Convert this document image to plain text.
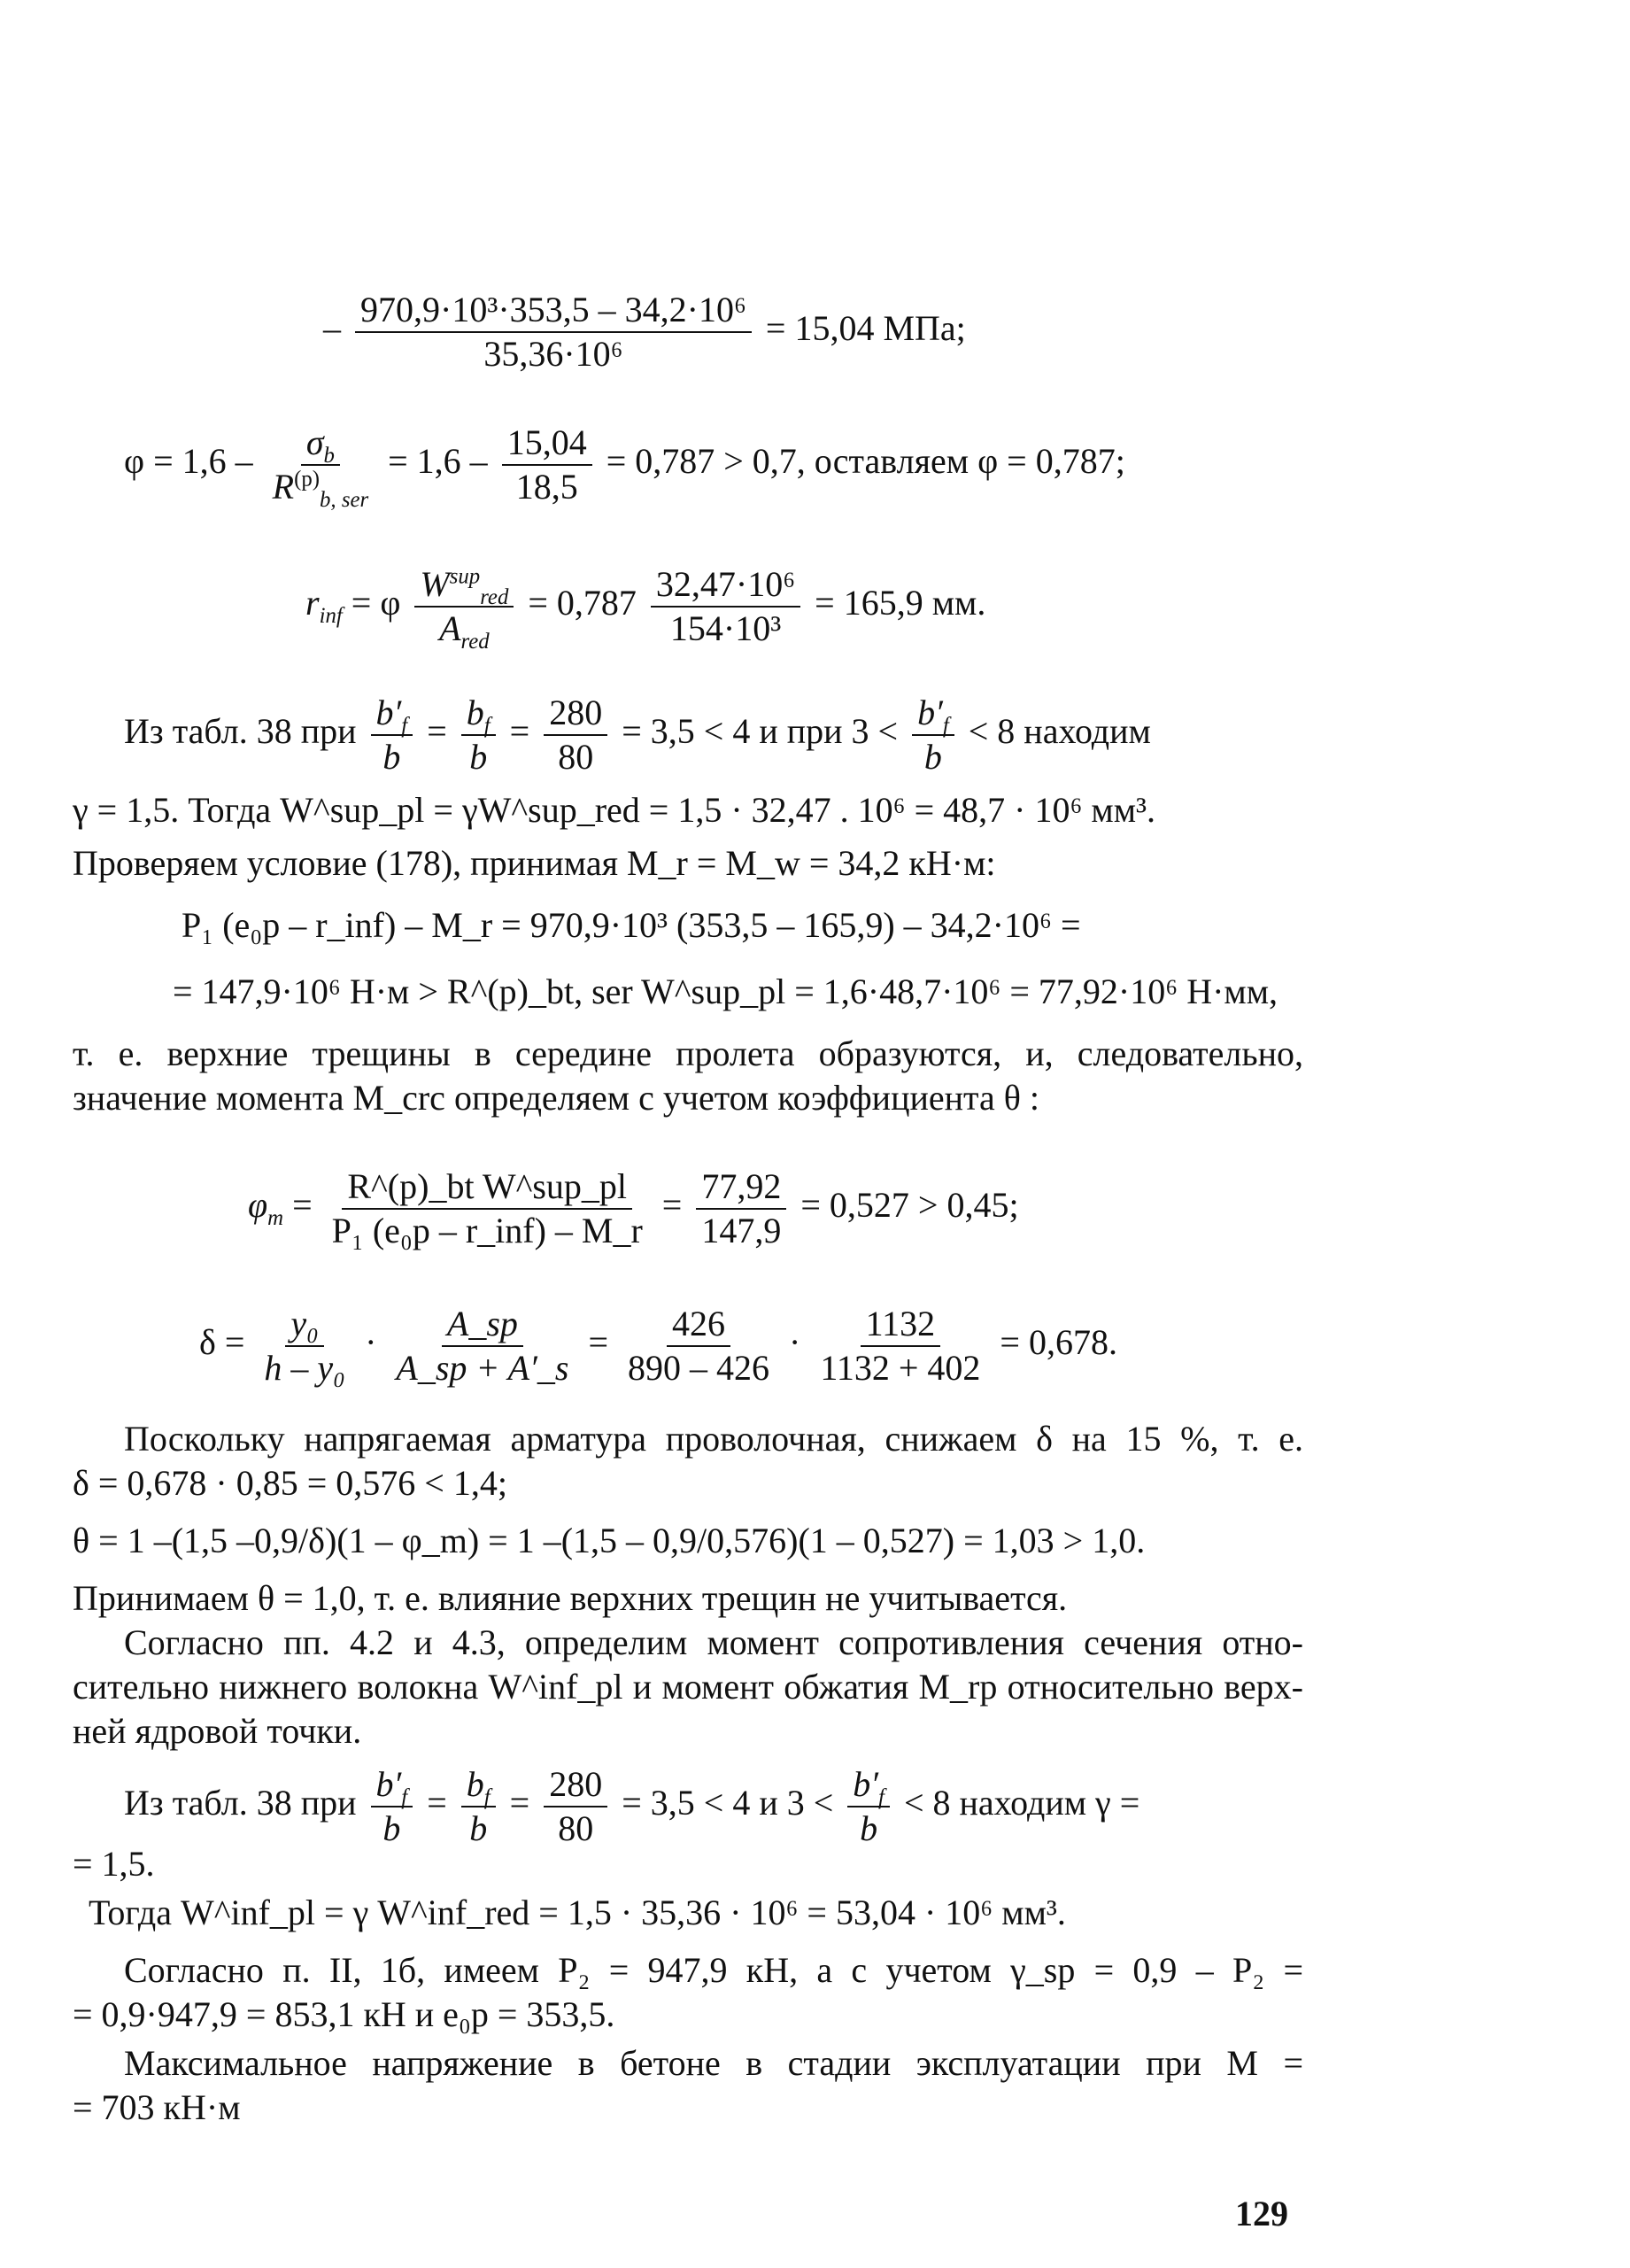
– $\frac{\text{970,9·10³·353,5 – 34,2·10⁶}}{\text{35,36·10⁶}} = 15,04$ МПа;
$\varphi = 1,6 - \frac{\sigma_b}{R^{(p)}_{b, ser}} = 1,6 - \frac{15,04}{18,5} = 0,787 > 0,7$, оставляем φ = 0,787;
$r_{inf} = \varphi \frac{W^{sup}_{red}}{A_{red}} = 0,787 \frac{\text{32,47·10⁶}}{\text{154·10³}} = 165,9$ мм.
Из табл. 38 при $\frac{b'_f}{b} = \frac{b_f}{b} = \frac{280}{80} = 3,5 < 4$ и при $3 < \frac{b'_f}{b} < 8$ находим
γ = 1,5. Тогда W^sup_pl = γW^sup_red = 1,5 · 32,47 . 10⁶ = 48,7 · 10⁶ мм³.
Проверяем условие (178), принимая M_r = M_w = 34,2 кН·м:
P₁ (e₀p – r_inf) – M_r = 970,9·10³ (353,5 – 165,9) – 34,2·10⁶ =
= 147,9·10⁶ Н·м > R^(p)_bt, ser W^sup_pl = 1,6·48,7·10⁶ = 77,92·10⁶ Н·мм,
т. е. верхние трещины в середине пролета образуются, и, следовательно,
значение момента M_crc определяем с учетом коэффициента θ :
$\varphi_m = \frac{\text{R\textasciicircum{}(p)\_bt W\textasciicircum{}sup\_pl}}{\text{P₁ (e₀p – r\_inf) – M\_r}} = \frac{77,92}{147,9} = 0,527 > 0,45$;
$\delta = \frac{\text{y₀}}{\text{h – y₀}} \cdot \frac{A\_sp}{A\_sp + A'\_s} = \frac{426}{890 - 426} \cdot \frac{1132}{1132 + 402} = 0,678$.
Поскольку напрягаемая арматура проволочная, снижаем δ на 15 %, т. е.
δ = 0,678 · 0,85 = 0,576 < 1,4;
θ = 1 –(1,5 –0,9/δ)(1 – φ_m) = 1 –(1,5 – 0,9/0,576)(1 – 0,527) = 1,03 > 1,0.
Принимаем θ = 1,0, т. е. влияние верхних трещин не учитывается.
Согласно пп. 4.2 и 4.3, определим момент сопротивления сечения отно-
сительно нижнего волокна W^inf_pl и момент обжатия M_rp относительно верх-
ней ядровой точки.
Из табл. 38 при $\frac{b'_f}{b} = \frac{b_f}{b} = \frac{280}{80} = 3,5 < 4$ и $3 < \frac{b'_f}{b} < 8$ находим γ =
= 1,5.
Тогда W^inf_pl = γ W^inf_red = 1,5 · 35,36 · 10⁶ = 53,04 · 10⁶ мм³.
Согласно п. II, 1б, имеем P₂ = 947,9 кН, а с учетом γ_sp = 0,9 – P₂ =
= 0,9·947,9 = 853,1 кН и e₀p = 353,5.
Максимальное напряжение в бетоне в стадии эксплуатации при M =
= 703 кН·м
129
